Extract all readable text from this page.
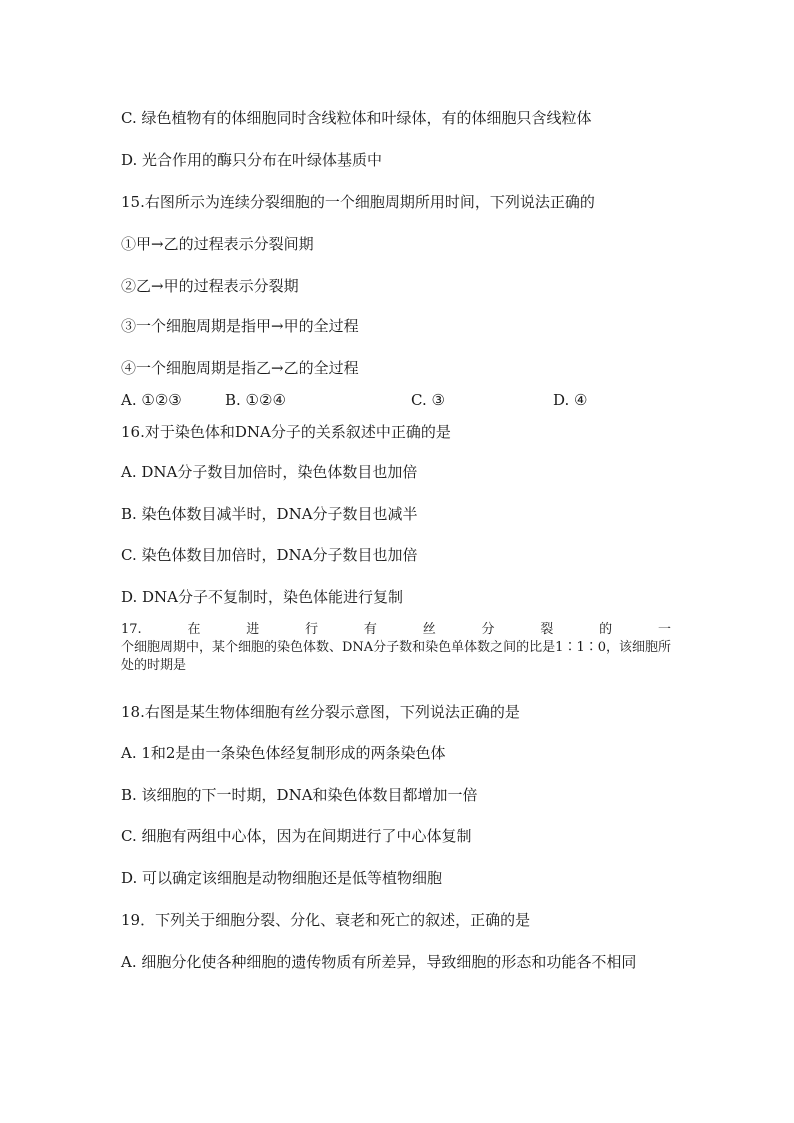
C. 绿色植物有的体细胞同时含线粒体和叶绿体，有的体细胞只含线粒体
D. 光合作用的酶只分布在叶绿体基质中
15.右图所示为连续分裂细胞的一个细胞周期所用时间，下列说法正确的
①甲→乙的过程表示分裂间期
②乙→甲的过程表示分裂期
③一个细胞周期是指甲→甲的全过程
④一个细胞周期是指乙→乙的全过程
A. ①②③	B. ①②④	C. ③	D. ④
16.对于染色体和DNA分子的关系叙述中正确的是
A. DNA分子数目加倍时，染色体数目也加倍
B. 染色体数目减半时，DNA分子数目也减半
C. 染色体数目加倍时，DNA分子数目也加倍
D. DNA分子不复制时，染色体能进行复制
17.	在	进	行	有	丝	分	裂	的	一
个细胞周期中，某个细胞的染色体数、DNA分子数和染色单体数之间的比是1∶1∶0，该细胞所处的时期是
18.右图是某生物体细胞有丝分裂示意图，下列说法正确的是
A. 1和2是由一条染色体经复制形成的两条染色体
B. 该细胞的下一时期，DNA和染色体数目都增加一倍
C. 细胞有两组中心体，因为在间期进行了中心体复制
D. 可以确定该细胞是动物细胞还是低等植物细胞
19．下列关于细胞分裂、分化、衰老和死亡的叙述，正确的是
A. 细胞分化使各种细胞的遗传物质有所差异，导致细胞的形态和功能各不相同
